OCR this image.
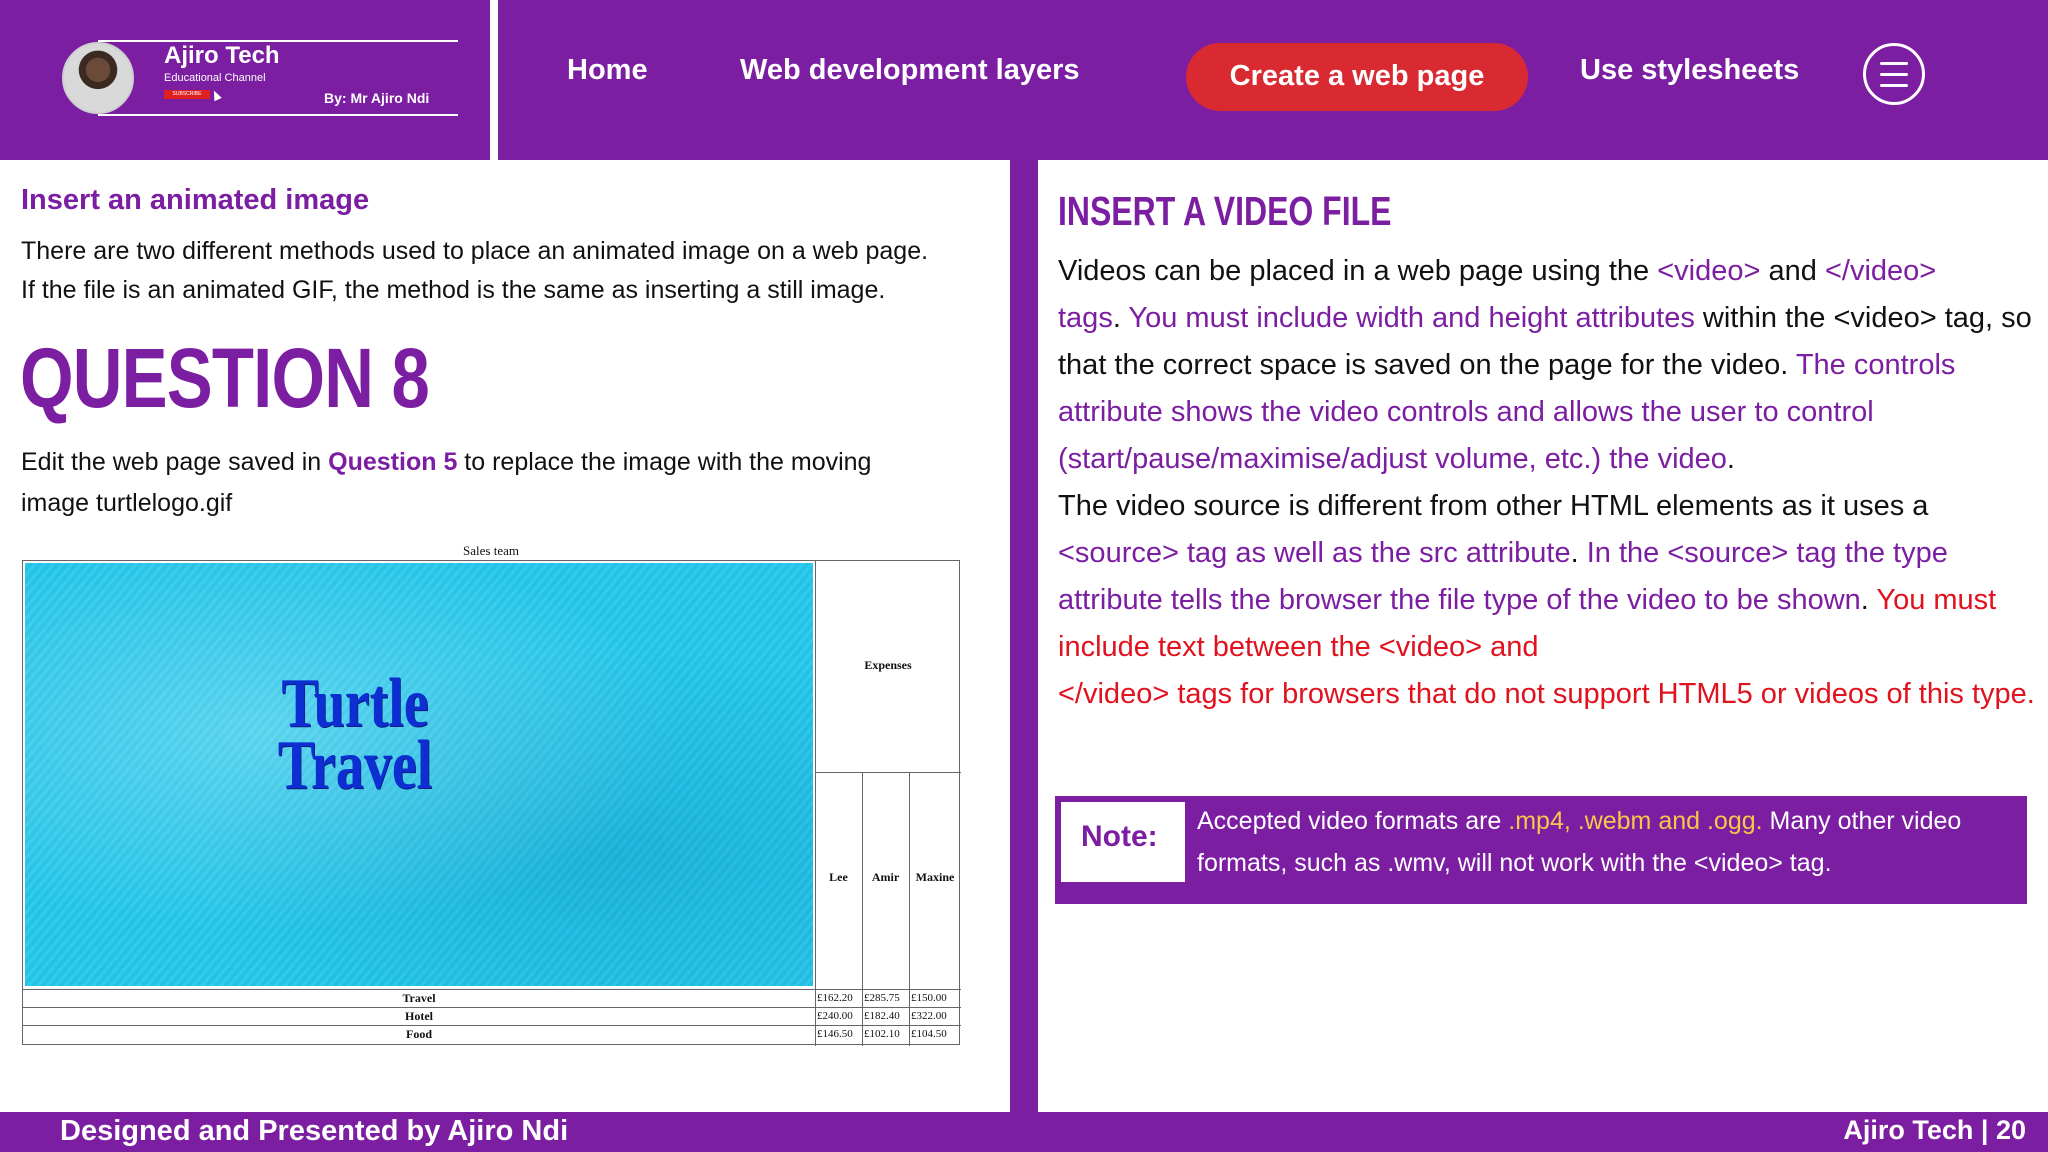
Ajiro Tech
Educational Channel
SUBSCRIBE	By: Mr Ajiro Ndi
Home	Web development layers	Create a web page	Use stylesheets
Insert an animated image
There are two different methods used to place an animated image on a web page.
If the file is an animated GIF, the method is the same as inserting a still image.
QUESTION 8
Edit the web page saved in Question 5 to replace the image with the moving
image turtlelogo.gif
Sales team
Turtle
Travel
Expenses
Lee	Amir	Maxine
Travel	£162.20 £285.75 £150.00
Hotel	£240.00 £182.40 £322.00
Food	£146.50 £102.10 £104.50
INSERT A VIDEO FILE
Videos can be placed in a web page using the <video> and </video>
tags. You must include width and height attributes within the <video> tag, so that the correct space is saved on the page for the video. The controls attribute shows the video controls and allows the user to control (start/pause/maximise/adjust volume, etc.) the video.
The video source is different from other HTML elements as it uses a <source> tag as well as the src attribute. In the <source> tag the type attribute tells the browser the file type of the video to be shown. You must include text between the <video> and
</video> tags for browsers that do not support HTML5 or videos of this type.
Note: Accepted video formats are .mp4, .webm and .ogg. Many other video formats, such as .wmv, will not work with the <video> tag.
Designed and Presented by Ajiro Ndi	Ajiro Tech | 20
